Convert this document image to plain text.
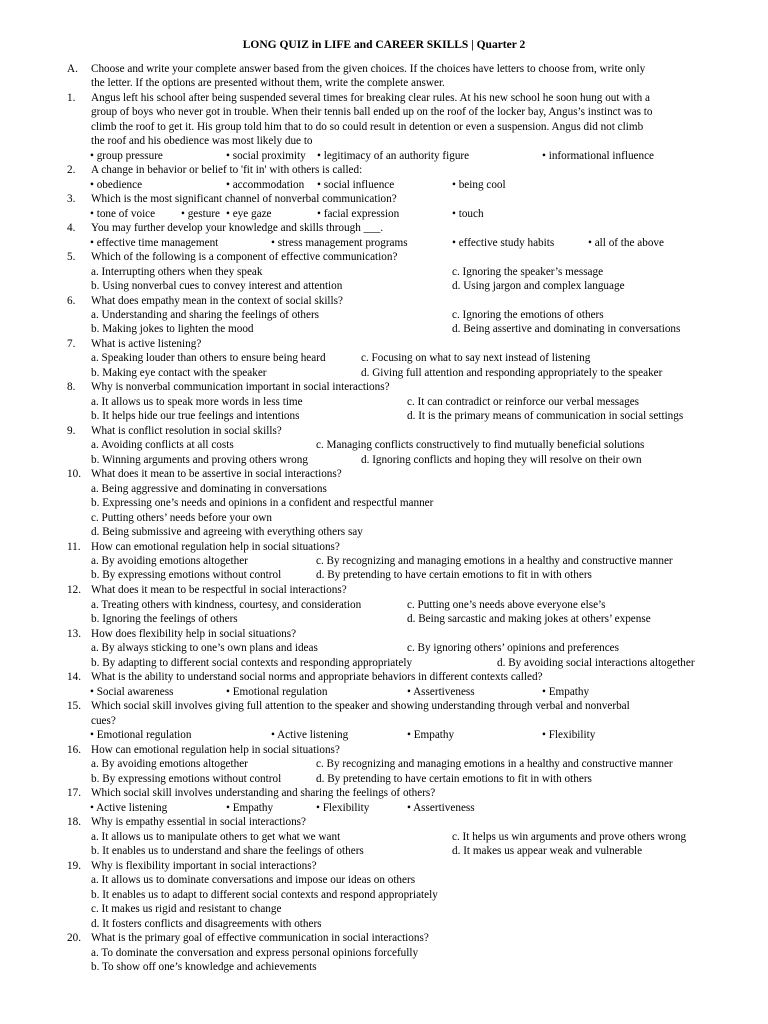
LONG QUIZ in LIFE and CAREER SKILLS | Quarter 2
A. Choose and write your complete answer based from the given choices. If the choices have letters to choose from, write only
the letter. If the options are presented without them, write the complete answer.
1. Angus left his school after being suspended several times for breaking clear rules. At his new school he soon hung out with a
group of boys who never got in trouble. When their tennis ball ended up on the roof of the locker bay, Angus’s instinct was to
climb the roof to get it. His group told him that to do so could result in detention or even a suspension. Angus did not climb
the roof and his obedience was most likely due to
• group pressure	• social proximity • legitimacy of an authority figure	• informational influence
2. A change in behavior or belief to 'fit in' with others is called:
• obedience	• accommodation • social influence	• being cool
3. Which is the most significant channel of nonverbal communication?
• tone of voice • gesture • eye gaze	• facial expression	• touch
4. You may further develop your knowledge and skills through ___.
• effective time management	• stress management programs	• effective study habits	• all of the above
5. Which of the following is a component of effective communication?
a. Interrupting others when they speak	c. Ignoring the speaker’s message
b. Using nonverbal cues to convey interest and attention	d. Using jargon and complex language
6. What does empathy mean in the context of social skills?
a. Understanding and sharing the feelings of others	c. Ignoring the emotions of others
b. Making jokes to lighten the mood	d. Being assertive and dominating in conversations
7. What is active listening?
a. Speaking louder than others to ensure being heard	c. Focusing on what to say next instead of listening
b. Making eye contact with the speaker	d. Giving full attention and responding appropriately to the speaker
8. Why is nonverbal communication important in social interactions?
a. It allows us to speak more words in less time	c. It can contradict or reinforce our verbal messages
b. It helps hide our true feelings and intentions	d. It is the primary means of communication in social settings
9. What is conflict resolution in social skills?
a. Avoiding conflicts at all costs	c. Managing conflicts constructively to find mutually beneficial solutions
b. Winning arguments and proving others wrong	d. Ignoring conflicts and hoping they will resolve on their own
10. What does it mean to be assertive in social interactions?
a. Being aggressive and dominating in conversations
b. Expressing one’s needs and opinions in a confident and respectful manner
c. Putting others’ needs before your own
d. Being submissive and agreeing with everything others say
11. How can emotional regulation help in social situations?
a. By avoiding emotions altogether	c. By recognizing and managing emotions in a healthy and constructive manner
b. By expressing emotions without control	d. By pretending to have certain emotions to fit in with others
12. What does it mean to be respectful in social interactions?
a. Treating others with kindness, courtesy, and consideration	c. Putting one’s needs above everyone else’s
b. Ignoring the feelings of others	d. Being sarcastic and making jokes at others’ expense
13. How does flexibility help in social situations?
a. By always sticking to one’s own plans and ideas	c. By ignoring others’ opinions and preferences
b. By adapting to different social contexts and responding appropriately	d. By avoiding social interactions altogether
14. What is the ability to understand social norms and appropriate behaviors in different contexts called?
• Social awareness	• Emotional regulation	• Assertiveness	• Empathy
15. Which social skill involves giving full attention to the speaker and showing understanding through verbal and nonverbal
cues?
• Emotional regulation	• Active listening	• Empathy	• Flexibility
16. How can emotional regulation help in social situations?
a. By avoiding emotions altogether	c. By recognizing and managing emotions in a healthy and constructive manner
b. By expressing emotions without control	d. By pretending to have certain emotions to fit in with others
17. Which social skill involves understanding and sharing the feelings of others?
• Active listening	• Empathy	• Flexibility	• Assertiveness
18. Why is empathy essential in social interactions?
a. It allows us to manipulate others to get what we want	c. It helps us win arguments and prove others wrong
b. It enables us to understand and share the feelings of others	d. It makes us appear weak and vulnerable
19. Why is flexibility important in social interactions?
a. It allows us to dominate conversations and impose our ideas on others
b. It enables us to adapt to different social contexts and respond appropriately
c. It makes us rigid and resistant to change
d. It fosters conflicts and disagreements with others
20. What is the primary goal of effective communication in social interactions?
a. To dominate the conversation and express personal opinions forcefully
b. To show off one’s knowledge and achievements
